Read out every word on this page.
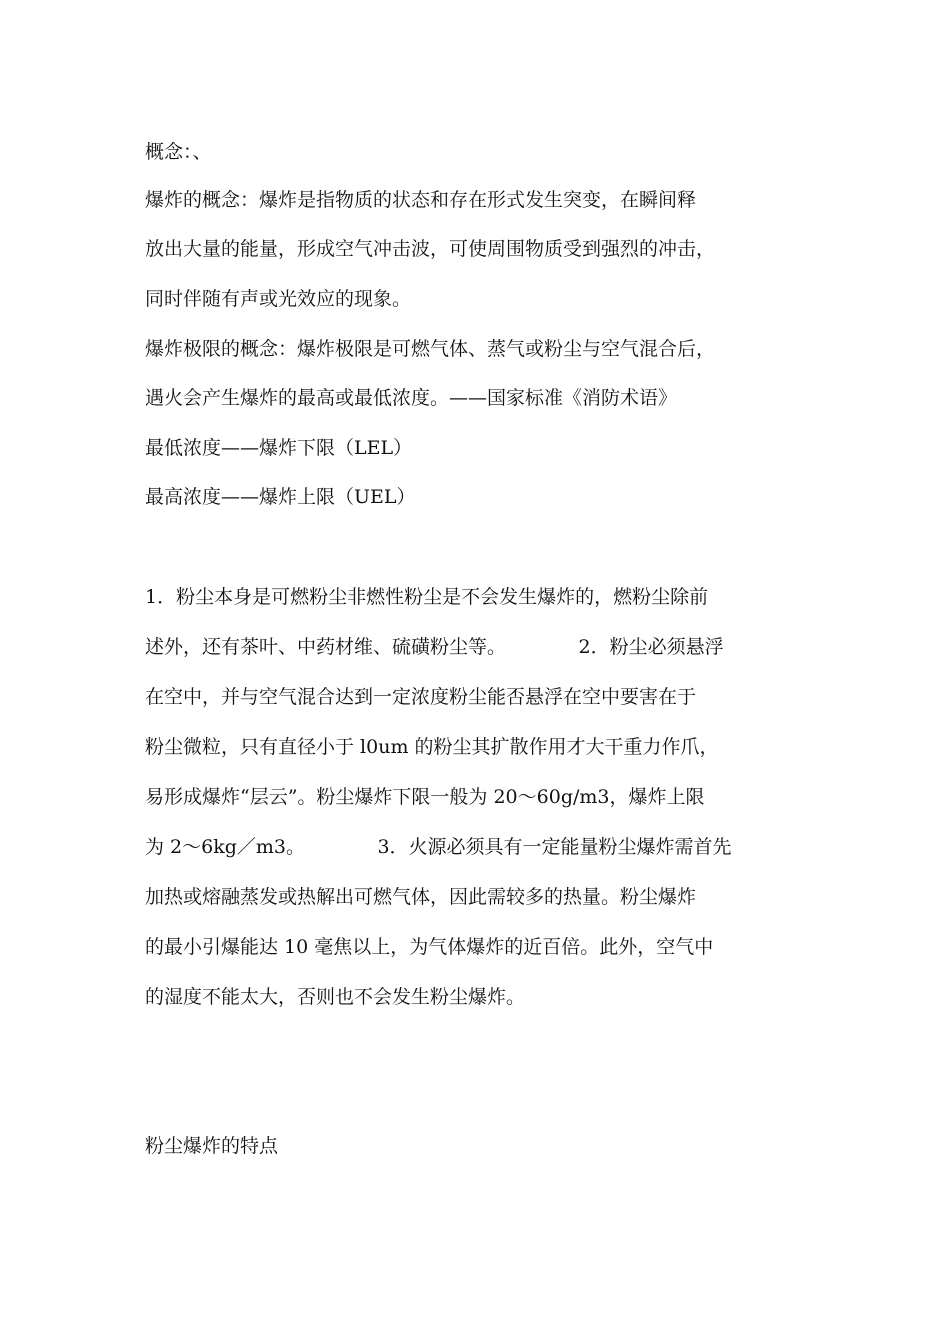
概念：、

爆炸的概念：爆炸是指物质的状态和存在形式发生突变，在瞬间释

放出大量的能量，形成空气冲击波，可使周围物质受到强烈的冲击，

同时伴随有声或光效应的现象。

爆炸极限的概念：爆炸极限是可燃气体、蒸气或粉尘与空气混合后，

遇火会产生爆炸的最高或最低浓度。——国家标准《消防术语》

最低浓度——爆炸下限（LEL）

最高浓度——爆炸上限（UEL）

1．粉尘本身是可燃粉尘非燃性粉尘是不会发生爆炸的，燃粉尘除前

述外，还有茶叶、中药材维、硫磺粉尘等。            2．粉尘必须悬浮

在空中，并与空气混合达到一定浓度粉尘能否悬浮在空中要害在于

粉尘微粒，只有直径小于 l0um 的粉尘其扩散作用才大干重力作爪，

易形成爆炸“层云”。粉尘爆炸下限一般为 20～60g/m3，爆炸上限

为 2～6kg／m3。            3．火源必须具有一定能量粉尘爆炸需首先

加热或熔融蒸发或热解出可燃气体，因此需较多的热量。粉尘爆炸

的最小引爆能达 10 毫焦以上，为气体爆炸的近百倍。此外，空气中

的湿度不能太大，否则也不会发生粉尘爆炸。

粉尘爆炸的特点
